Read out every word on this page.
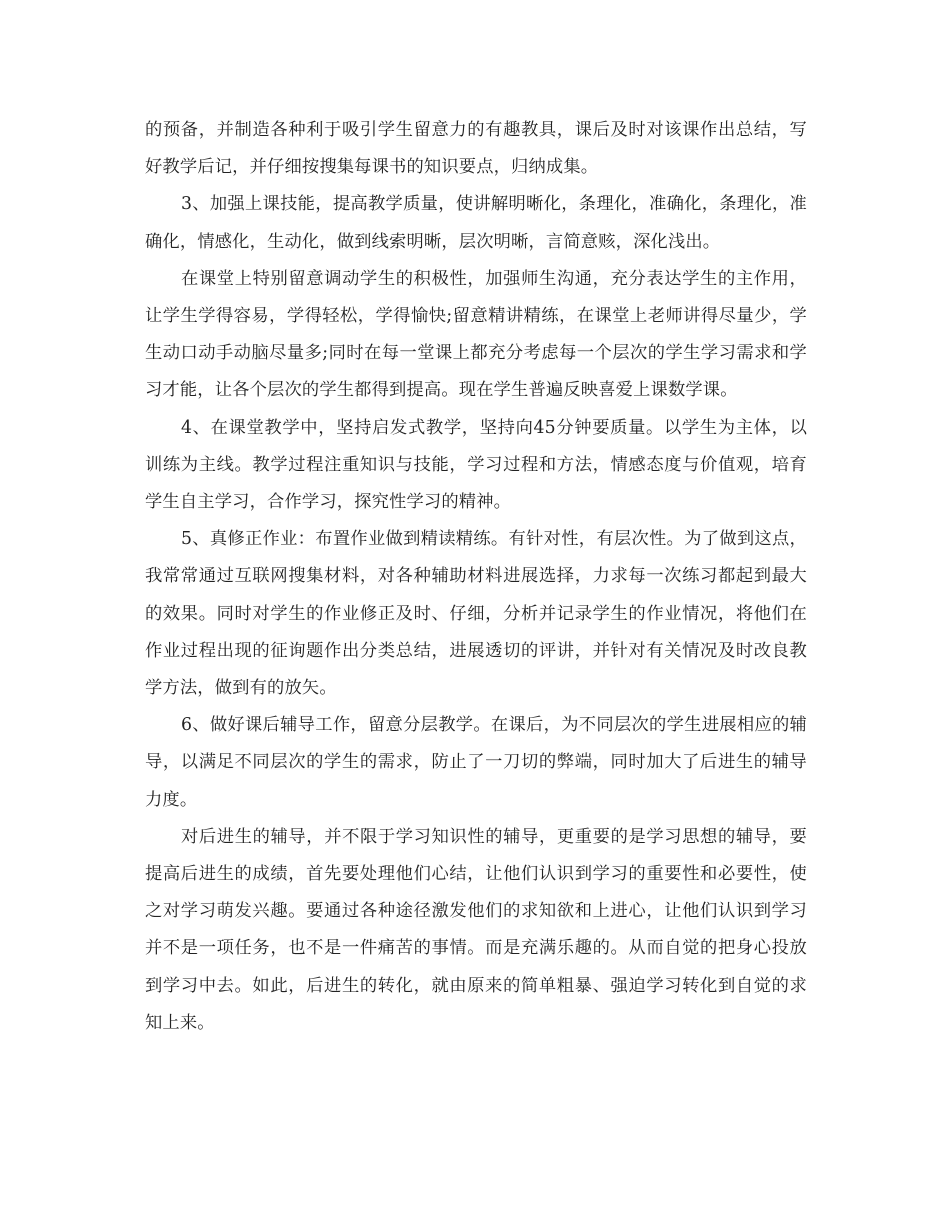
的预备，并制造各种利于吸引学生留意力的有趣教具，课后及时对该课作出总结，写好教学后记，并仔细按搜集每课书的知识要点，归纳成集。

3、加强上课技能，提高教学质量，使讲解明晰化，条理化，准确化，条理化，准确化，情感化，生动化，做到线索明晰，层次明晰，言简意赅，深化浅出。

在课堂上特别留意调动学生的积极性，加强师生沟通，充分表达学生的主作用，让学生学得容易，学得轻松，学得愉快;留意精讲精练，在课堂上老师讲得尽量少，学生动口动手动脑尽量多;同时在每一堂课上都充分考虑每一个层次的学生学习需求和学习才能，让各个层次的学生都得到提高。现在学生普遍反映喜爱上课数学课。

4、在课堂教学中，坚持启发式教学，坚持向45分钟要质量。以学生为主体，以训练为主线。教学过程注重知识与技能，学习过程和方法，情感态度与价值观，培育学生自主学习，合作学习，探究性学习的精神。

5、真修正作业：布置作业做到精读精练。有针对性，有层次性。为了做到这点，我常常通过互联网搜集材料，对各种辅助材料进展选择，力求每一次练习都起到最大的效果。同时对学生的作业修正及时、仔细，分析并记录学生的作业情况，将他们在作业过程出现的征询题作出分类总结，进展透切的评讲，并针对有关情况及时改良教学方法，做到有的放矢。

6、做好课后辅导工作，留意分层教学。在课后，为不同层次的学生进展相应的辅导，以满足不同层次的学生的需求，防止了一刀切的弊端，同时加大了后进生的辅导力度。

对后进生的辅导，并不限于学习知识性的辅导，更重要的是学习思想的辅导，要提高后进生的成绩，首先要处理他们心结，让他们认识到学习的重要性和必要性，使之对学习萌发兴趣。要通过各种途径激发他们的求知欲和上进心，让他们认识到学习并不是一项任务，也不是一件痛苦的事情。而是充满乐趣的。从而自觉的把身心投放到学习中去。如此，后进生的转化，就由原来的简单粗暴、强迫学习转化到自觉的求知上来。
